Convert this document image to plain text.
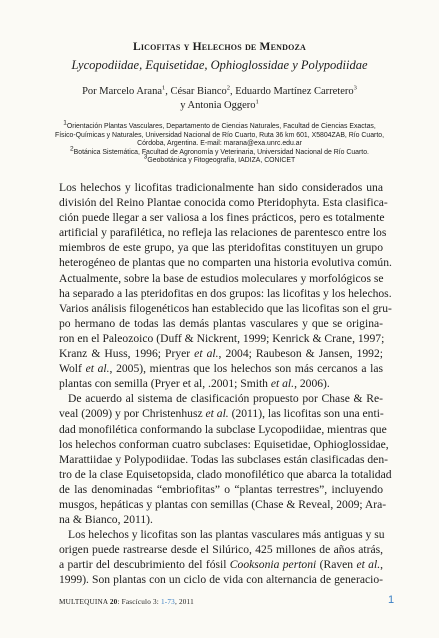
Licofitas y Helechos de Mendoza
Lycopodiidae, Equisetidae, Ophioglossidae y Polypodiidae
Por Marcelo Arana$^1$, César Bianco$^2$, Eduardo Martínez Carretero$^3$
y Antonia Oggero$^1$
$^1$Orientación Plantas Vasculares, Departamento de Ciencias Naturales, Facultad de Ciencias Exactas,
Físico-Químicas y Naturales, Universidad Nacional de Río Cuarto, Ruta 36 km 601, X5804ZAB, Río Cuarto,
Córdoba, Argentina. E-mail: marana@exa.unrc.edu.ar
$^2$Botánica Sistemática, Facultad de Agronomía y Veterinaria, Universidad Nacional de Río Cuarto.
$^3$Geobotánica y Fitogeografía, IADIZA, CONICET
Los helechos y licofitas tradicionalmente han sido considerados una
división del Reino Plantae conocida como Pteridophyta. Esta clasifica-
ción puede llegar a ser valiosa a los fines prácticos, pero es totalmente
artificial y parafilética, no refleja las relaciones de parentesco entre los
miembros de este grupo, ya que las pteridofitas constituyen un grupo
heterogéneo de plantas que no comparten una historia evolutiva común.
Actualmente, sobre la base de estudios moleculares y morfológicos se
ha separado a las pteridofitas en dos grupos: las licofitas y los helechos.
Varios análisis filogenéticos han establecido que las licofitas son el gru-
po hermano de todas las demás plantas vasculares y que se origina-
ron en el Paleozoico (Duff & Nickrent, 1999; Kenrick & Crane, 1997;
Kranz & Huss, 1996; Pryer et al., 2004; Raubeson & Jansen, 1992;
Wolf et al., 2005), mientras que los helechos son más cercanos a las
plantas con semilla (Pryer et al, .2001; Smith et al., 2006).
De acuerdo al sistema de clasificación propuesto por Chase & Re-
veal (2009) y por Christenhusz et al. (2011), las licofitas son una enti-
dad monofilética conformando la subclase Lycopodiidae, mientras que
los helechos conforman cuatro subclases: Equisetidae, Ophioglossidae,
Marattiidae y Polypodiidae. Todas las subclases están clasificadas den-
tro de la clase Equisetopsida, clado monofilético que abarca la totalidad
de las denominadas “embriofitas” o “plantas terrestres”, incluyendo
musgos, hepáticas y plantas con semillas (Chase & Reveal, 2009; Ara-
na & Bianco, 2011).
Los helechos y licofitas son las plantas vasculares más antiguas y su
origen puede rastrearse desde el Silúrico, 425 millones de años atrás,
a partir del descubrimiento del fósil Cooksonia pertoni (Raven et al.,
1999). Son plantas con un ciclo de vida con alternancia de generacio-
MULTEQUINA 20: Fascículo 3: 1-73, 2011	1
